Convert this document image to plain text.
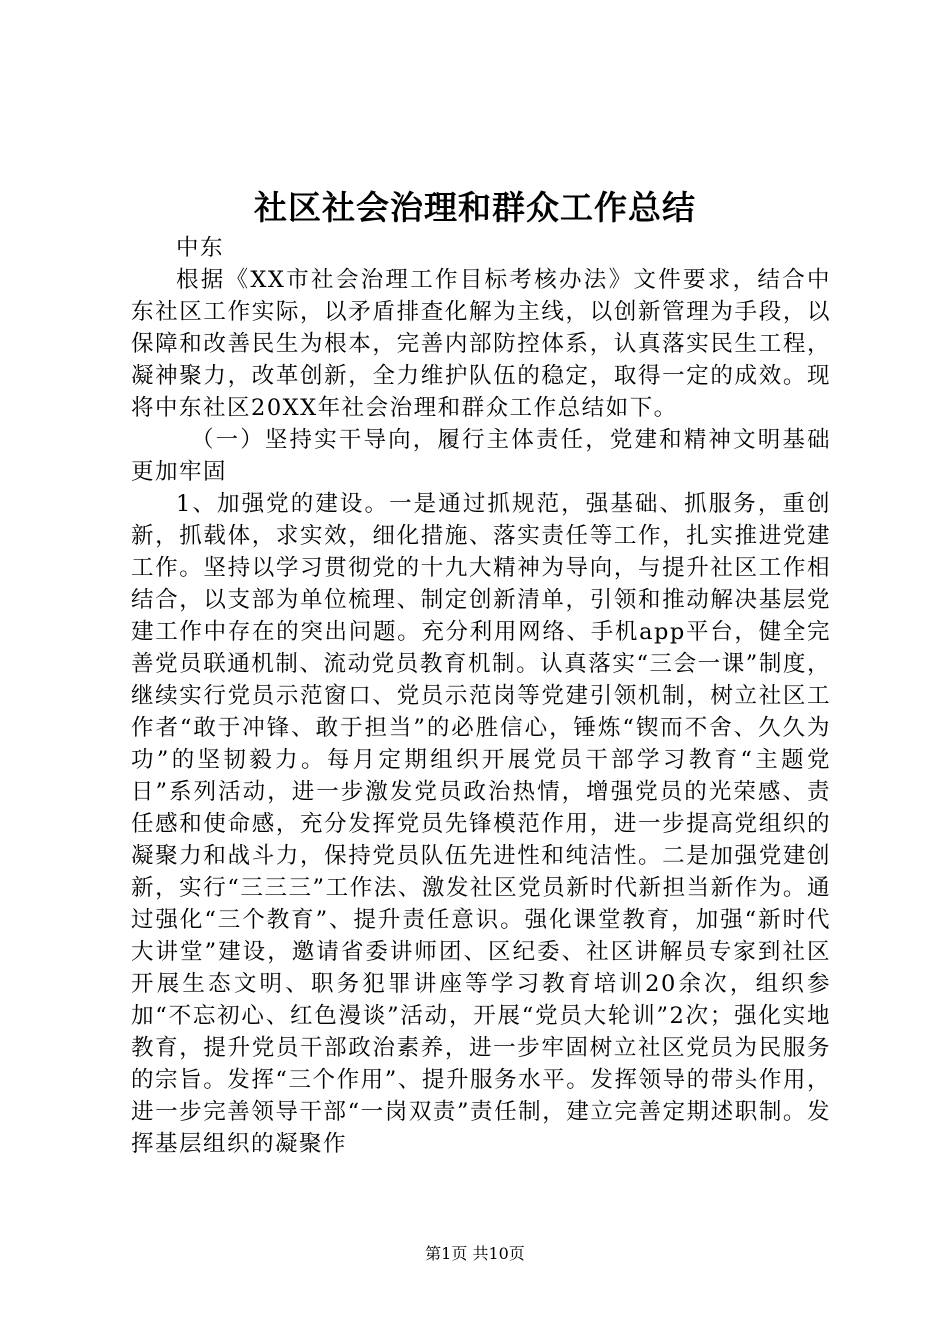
社区社会治理和群众工作总结

中东

根据《XX市社会治理工作目标考核办法》文件要求，结合中东社区工作实际，以矛盾排查化解为主线，以创新管理为手段，以保障和改善民生为根本，完善内部防控体系，认真落实民生工程，凝神聚力，改革创新，全力维护队伍的稳定，取得一定的成效。现将中东社区20XX年社会治理和群众工作总结如下。

（一）坚持实干导向，履行主体责任，党建和精神文明基础更加牢固

1、加强党的建设。一是通过抓规范，强基础、抓服务，重创新，抓载体，求实效，细化措施、落实责任等工作，扎实推进党建工作。坚持以学习贯彻党的十九大精神为导向，与提升社区工作相结合，以支部为单位梳理、制定创新清单，引领和推动解决基层党建工作中存在的突出问题。充分利用网络、手机app平台，健全完善党员联通机制、流动党员教育机制。认真落实“三会一课”制度，继续实行党员示范窗口、党员示范岗等党建引领机制，树立社区工作者“敢于冲锋、敢于担当”的必胜信心，锤炼“锲而不舍、久久为功”的坚韧毅力。每月定期组织开展党员干部学习教育“主题党日”系列活动，进一步激发党员政治热情，增强党员的光荣感、责任感和使命感，充分发挥党员先锋模范作用，进一步提高党组织的凝聚力和战斗力，保持党员队伍先进性和纯洁性。二是加强党建创新，实行“三三三”工作法、激发社区党员新时代新担当新作为。通过强化“三个教育”、提升责任意识。强化课堂教育，加强“新时代大讲堂”建设，邀请省委讲师团、区纪委、社区讲解员专家到社区开展生态文明、职务犯罪讲座等学习教育培训20余次，组织参加“不忘初心、红色漫谈”活动，开展“党员大轮训”2次；强化实地教育，提升党员干部政治素养，进一步牢固树立社区党员为民服务的宗旨。发挥“三个作用”、提升服务水平。发挥领导的带头作用，进一步完善领导干部“一岗双责”责任制，建立完善定期述职制。发挥基层组织的凝聚作

第1页 共10页
